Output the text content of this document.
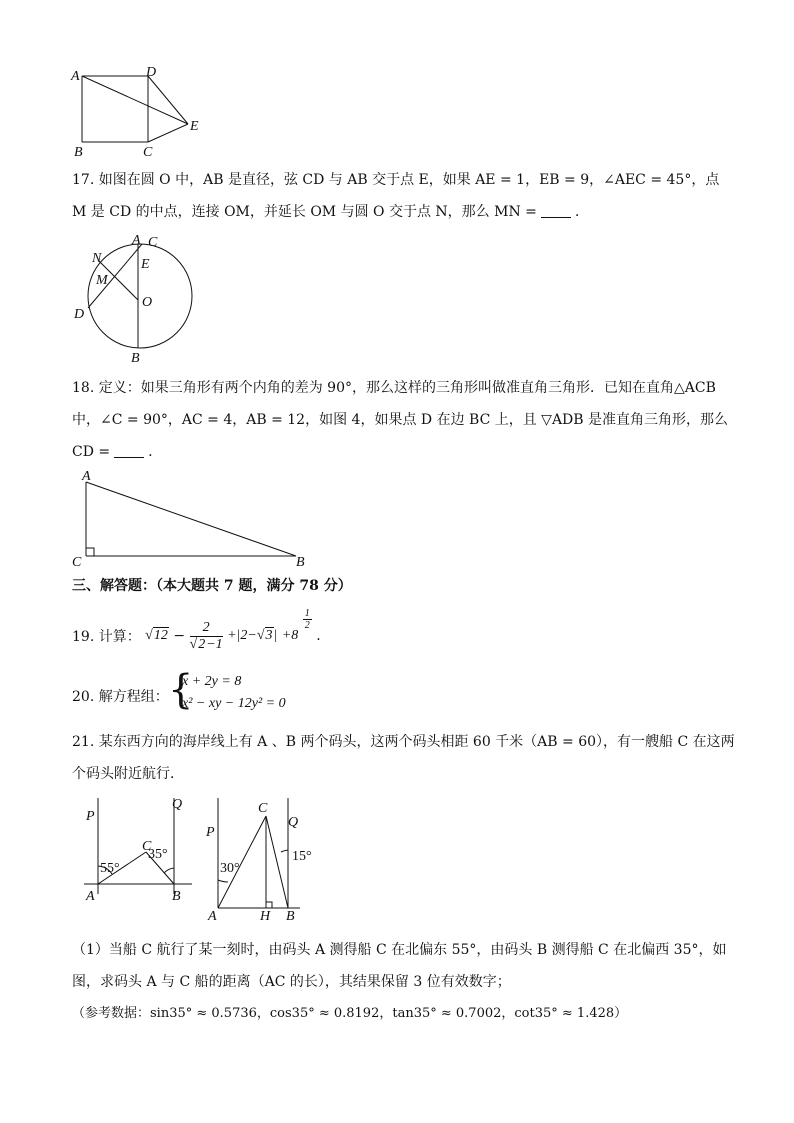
A	D
E
B	C
17. 如图在圆 O 中，AB 是直径，弦 CD 与 AB 交于点 E，如果 AE = 1，EB = 9，∠AEC = 45°，点
M 是 CD 的中点，连接 OM，并延长 OM 与圆 O 交于点 N，那么 MN =	.
N
A C
E
M
O
D
B
18. 定义：如果三角形有两个内角的差为 90°，那么这样的三角形叫做准直角三角形．已知在直角△ACB
中，∠C = 90°，AC = 4，AB = 12，如图 4，如果点 D 在边 BC 上，且 ▽ADB 是准直角三角形，那么
CD =	.
A
C	B
三、解答题：（本大题共 7 题，满分 78 分）
19. 计算： $√12 - \frac{2}{√2-1} +|2-√3| +8$
$\frac{1}{2}$
.
20. 解方程组： {
x + 2y = 8
x² − xy − 12y² = 0
21. 某东西方向的海岸线上有 A 、B 两个码头，这两个码头相距 60 千米（AB = 60），有一艘船 C 在这两
个码头附近航行．
P
Q
C
55°
35°
A	B
C
P
Q
30°
15°
A	H B
（1）当船 C 航行了某一刻时，由码头 A 测得船 C 在北偏东 55°，由码头 B 测得船 C 在北偏西 35°，如
图，求码头 A 与 C 船的距离（AC 的长），其结果保留 3 位有效数字；
（参考数据：sin35° ≈ 0.5736，cos35° ≈ 0.8192，tan35° ≈ 0.7002，cot35° ≈ 1.428）
